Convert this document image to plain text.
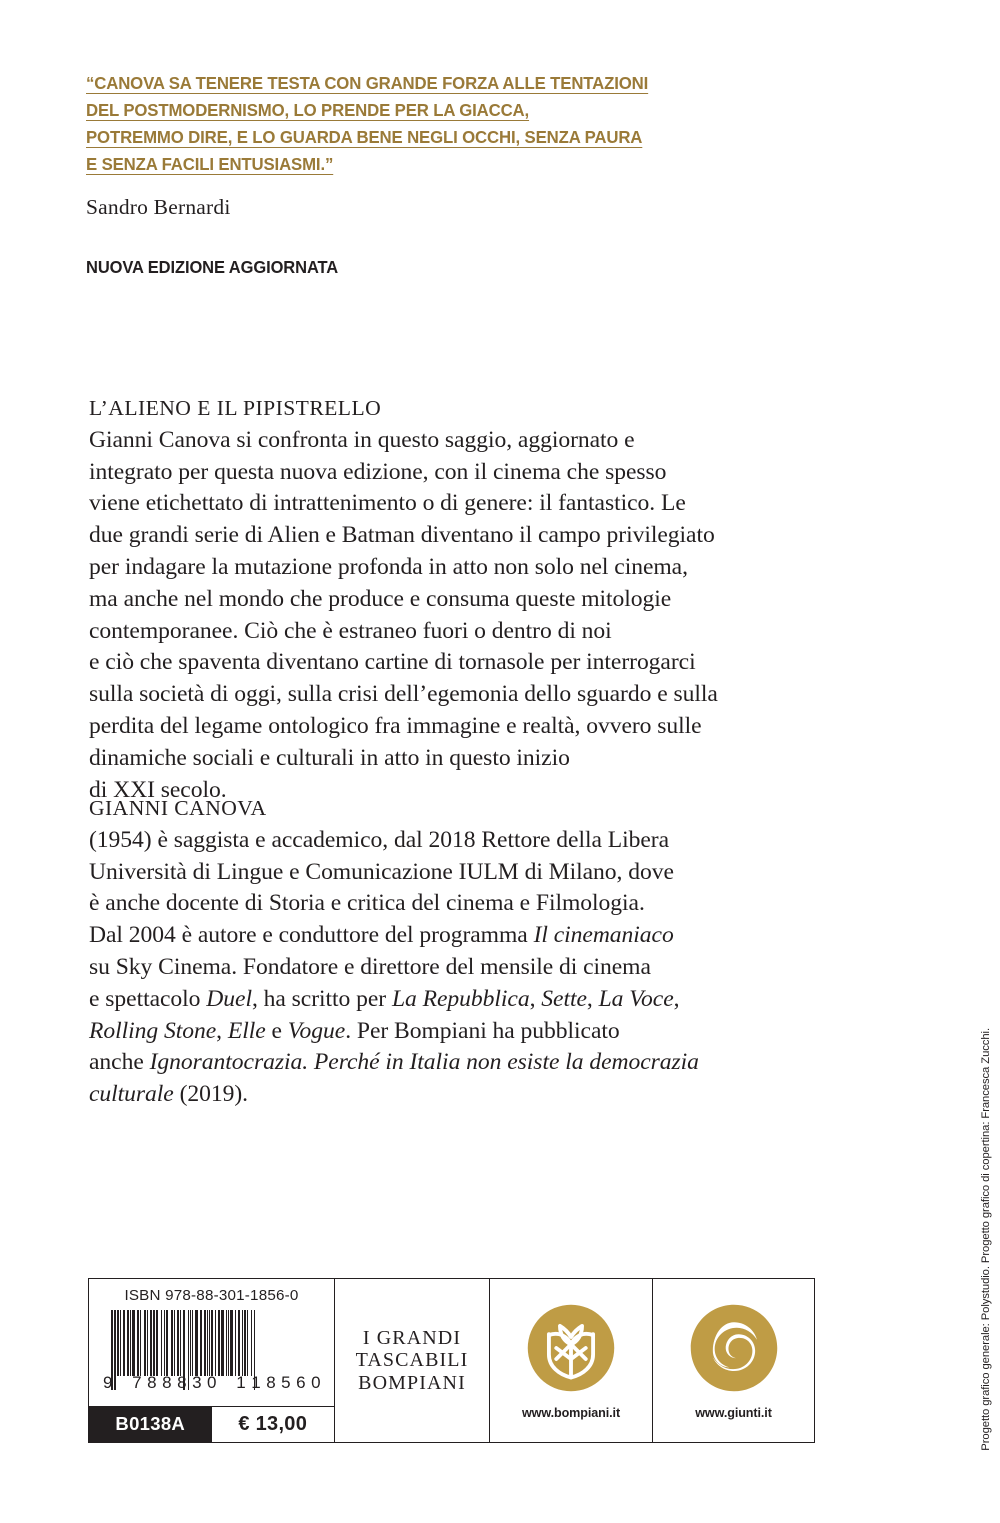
“CANOVA SA TENERE TESTA CON GRANDE FORZA ALLE TENTAZIONI
DEL POSTMODERNISMO, LO PRENDE PER LA GIACCA,
POTREMMO DIRE, E LO GUARDA BENE NEGLI OCCHI, SENZA PAURA
E SENZA FACILI ENTUSIASMI.”
Sandro Bernardi
NUOVA EDIZIONE AGGIORNATA

L’ALIENO E IL PIPISTRELLO

Gianni Canova si confronta in questo saggio, aggiornato e

integrato per questa nuova edizione, con il cinema che spesso

viene etichettato di intrattenimento o di genere: il fantastico. Le

due grandi serie di Alien e Batman diventano il campo privilegiato

per indagare la mutazione profonda in atto non solo nel cinema,

ma anche nel mondo che produce e consuma queste mitologie

contemporanee. Ciò che è estraneo fuori o dentro di noi

e ciò che spaventa diventano cartine di tornasole per interrogarci

sulla società di oggi, sulla crisi dell’egemonia dello sguardo e sulla

perdita del legame ontologico fra immagine e realtà, ovvero sulle

dinamiche sociali e culturali in atto in questo inizio

di XXI secolo.

GIANNI CANOVA

(1954) è saggista e accademico, dal 2018 Rettore della Libera

Università di Lingue e Comunicazione IULM di Milano, dove

è anche docente di Storia e critica del cinema e Filmologia.

Dal 2004 è autore e conduttore del programma Il cinemaniaco

su Sky Cinema. Fondatore e direttore del mensile di cinema

e spettacolo Duel, ha scritto per La Repubblica, Sette, La Voce,

Rolling Stone, Elle e Vogue. Per Bompiani ha pubblicato

anche Ignorantocrazia. Perché in Italia non esiste la democrazia

culturale (2019).	Progetto grafico generale: Polystudio. Progetto grafico di copertina: Francesca Zucchi.
ISBN 978-88-301-1856-0
9 7 8 8 8 3 0 1 1 8 5 6 0
B0138A	€ 13,00
I GRANDI
TASCABILI
BOMPIANI
www.bompiani.it	www.giunti.it
